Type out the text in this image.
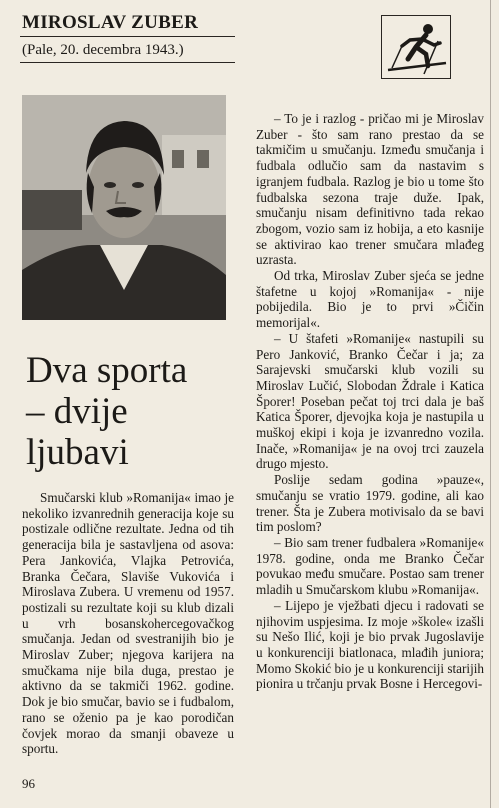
MIROSLAV ZUBER
(Pale, 20. decembra 1943.)
Dva sporta
– dvije
ljubavi

Smučarski klub »Romanija« imao je nekoliko izvanrednih generacija koje su postizale odlične rezultate. Jedna od tih generacija bila je sastavljena od asova: Pera Jankovića, Vlajka Petrovića, Branka Čečara, Slaviše Vukovića i Miroslava Zubera. U vremenu od 1957. postizali su rezultate koji su klub dizali u vrh bosanskohercegovačkog smučanja. Jedan od svestranijih bio je Miroslav Zuber; njegova karijera na smučkama nije bila duga, prestao je aktivno da se takmiči 1962. godine. Dok je bio smučar, bavio se i fudbalom, rano se oženio pa je kao porodičan čovjek morao da smanji obaveze u sportu.

– To je i razlog - pričao mi je Miroslav Zuber - što sam rano prestao da se takmičim u smučanju. Između smučanja i fudbala odlučio sam da nastavim s igranjem fudbala. Razlog je bio u tome što fudbalska sezona traje duže. Ipak, smučanju nisam definitivno tada rekao zbogom, vozio sam iz hobija, a eto kasnije se aktivirao kao trener smučara mlađeg uzrasta.

Od trka, Miroslav Zuber sjeća se jedne štafetne u kojoj »Romanija« - nije pobijedila. Bio je to prvi »Čičin memorijal«.

– U štafeti »Romanije« nastupili su Pero Janković, Branko Čečar i ja; za Sarajevski smučarski klub vozili su Miroslav Lučić, Slobodan Ždrale i Katica Šporer! Poseban pečat toj trci dala je baš Katica Šporer, djevojka koja je nastupila u muškoj ekipi i koja je izvanredno vozila. Inače, »Romanija« je na ovoj trci zauzela drugo mjesto.

Poslije sedam godina »pauze«, smučanju se vratio 1979. godine, ali kao trener. Šta je Zubera motivisalo da se bavi tim poslom?

– Bio sam trener fudbalera »Romanije« 1978. godine, onda me Branko Čečar povukao među smučare. Postao sam trener mladih u Smučarskom klubu »Romanija«.

– Lijepo je vježbati djecu i radovati se njihovim uspjesima. Iz moje »škole« izašli su Nešo Ilić, koji je bio prvak Jugoslavije u konkurenciji biatlonaca, mlađih juniora; Momo Skokić bio je u konkurenciji starijih pionira u trčanju prvak Bosne i Hercegovi-

96
